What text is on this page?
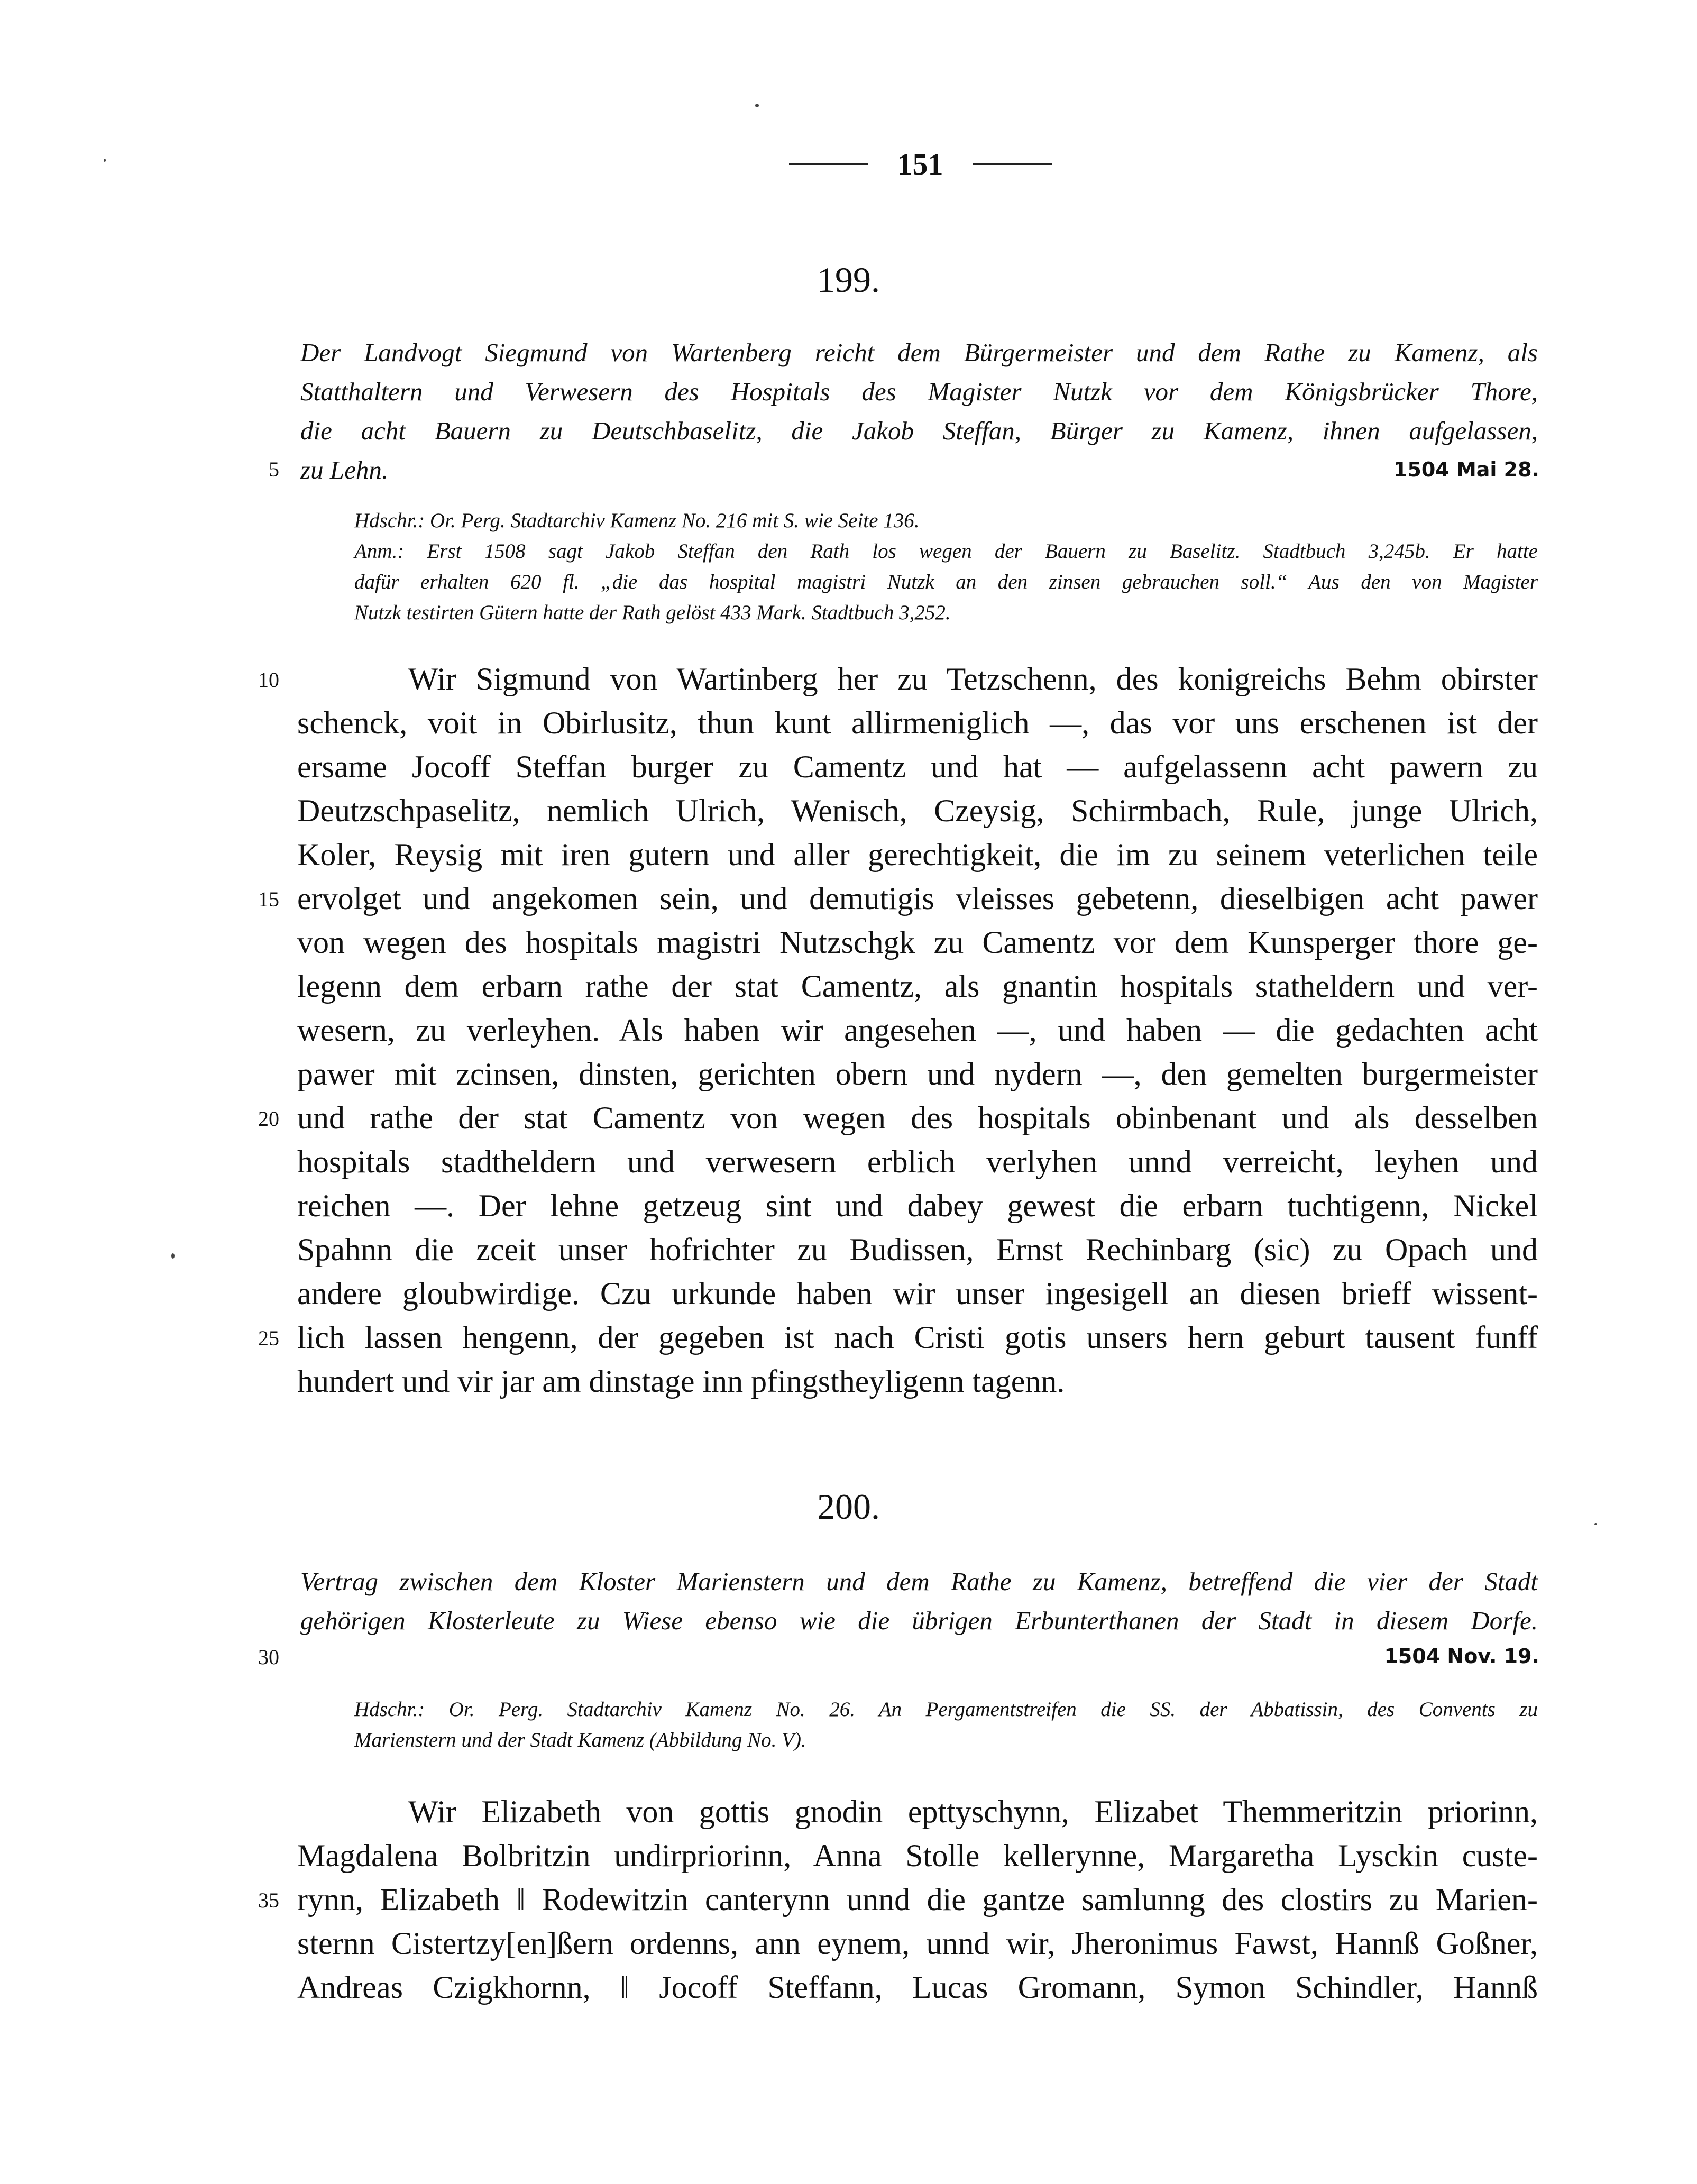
151
199.
Der Landvogt Siegmund von Wartenberg reicht dem Bürgermeister und dem Rathe zu Kamenz, als
Statthaltern und Verwesern des Hospitals des Magister Nutzk vor dem Königsbrücker Thore,
die acht Bauern zu Deutschbaselitz, die Jakob Steffan, Bürger zu Kamenz, ihnen aufgelassen,
5 zu Lehn.	1504 Mai 28.
Hdschr.: Or. Perg. Stadtarchiv Kamenz No. 216 mit S. wie Seite 136.
Anm.: Erst 1508 sagt Jakob Steffan den Rath los wegen der Bauern zu Baselitz. Stadtbuch 3,245b. Er hatte
dafür erhalten 620 fl. „die das hospital magistri Nutzk an den zinsen gebrauchen soll.“ Aus den von Magister
Nutzk testirten Gütern hatte der Rath gelöst 433 Mark. Stadtbuch 3,252.
10	Wir Sigmund von Wartinberg her zu Tetzschenn, des konigreichs Behm obirster
schenck, voit in Obirlusitz, thun kunt allirmeniglich —, das vor uns erschenen ist der
ersame Jocoff Steffan burger zu Camentz und hat — aufgelassenn acht pawern zu
Deutzschpaselitz, nemlich Ulrich, Wenisch, Czeysig, Schirmbach, Rule, junge Ulrich,
Koler, Reysig mit iren gutern und aller gerechtigkeit, die im zu seinem veterlichen teile
15 ervolget und angekomen sein, und demutigis vleisses gebetenn, dieselbigen acht pawer
von wegen des hospitals magistri Nutzschgk zu Camentz vor dem Kunsperger thore ge-
legenn dem erbarn rathe der stat Camentz, als gnantin hospitals statheldern und ver-
wesern, zu verleyhen. Als haben wir angesehen —, und haben — die gedachten acht
pawer mit zcinsen, dinsten, gerichten obern und nydern —, den gemelten burgermeister
20 und rathe der stat Camentz von wegen des hospitals obinbenant und als desselben
hospitals stadtheldern und verwesern erblich verlyhen unnd verreicht, leyhen und
reichen —. Der lehne getzeug sint und dabey gewest die erbarn tuchtigenn, Nickel
Spahnn die zceit unser hofrichter zu Budissen, Ernst Rechinbarg (sic) zu Opach und
andere gloubwirdige. Czu urkunde haben wir unser ingesigell an diesen brieff wissent-
25 lich lassen hengenn, der gegeben ist nach Cristi gotis unsers hern geburt tausent funff
hundert und vir jar am dinstage inn pfingstheyligenn tagenn.
200.
Vertrag zwischen dem Kloster Marienstern und dem Rathe zu Kamenz, betreffend die vier der Stadt
gehörigen Klosterleute zu Wiese ebenso wie die übrigen Erbunterthanen der Stadt in diesem Dorfe.
30	1504 Nov. 19.
Hdschr.: Or. Perg. Stadtarchiv Kamenz No. 26. An Pergamentstreifen die SS. der Abbatissin, des Convents zu
Marienstern und der Stadt Kamenz (Abbildung No. V).
Wir Elizabeth von gottis gnodin epttyschynn, Elizabet Themmeritzin priorinn,
Magdalena Bolbritzin undirpriorinn, Anna Stolle kellerynne, Margaretha Lysckin custe-
35 rynn, Elizabeth ‖ Rodewitzin canterynn unnd die gantze samlunng des clostirs zu Marien-
sternn Cistertzy[en]ßern ordenns, ann eynem, unnd wir, Jheronimus Fawst, Hannß Goßner,
Andreas Czigkhornn, ‖ Jocoff Steffann, Lucas Gromann, Symon Schindler, Hannß
